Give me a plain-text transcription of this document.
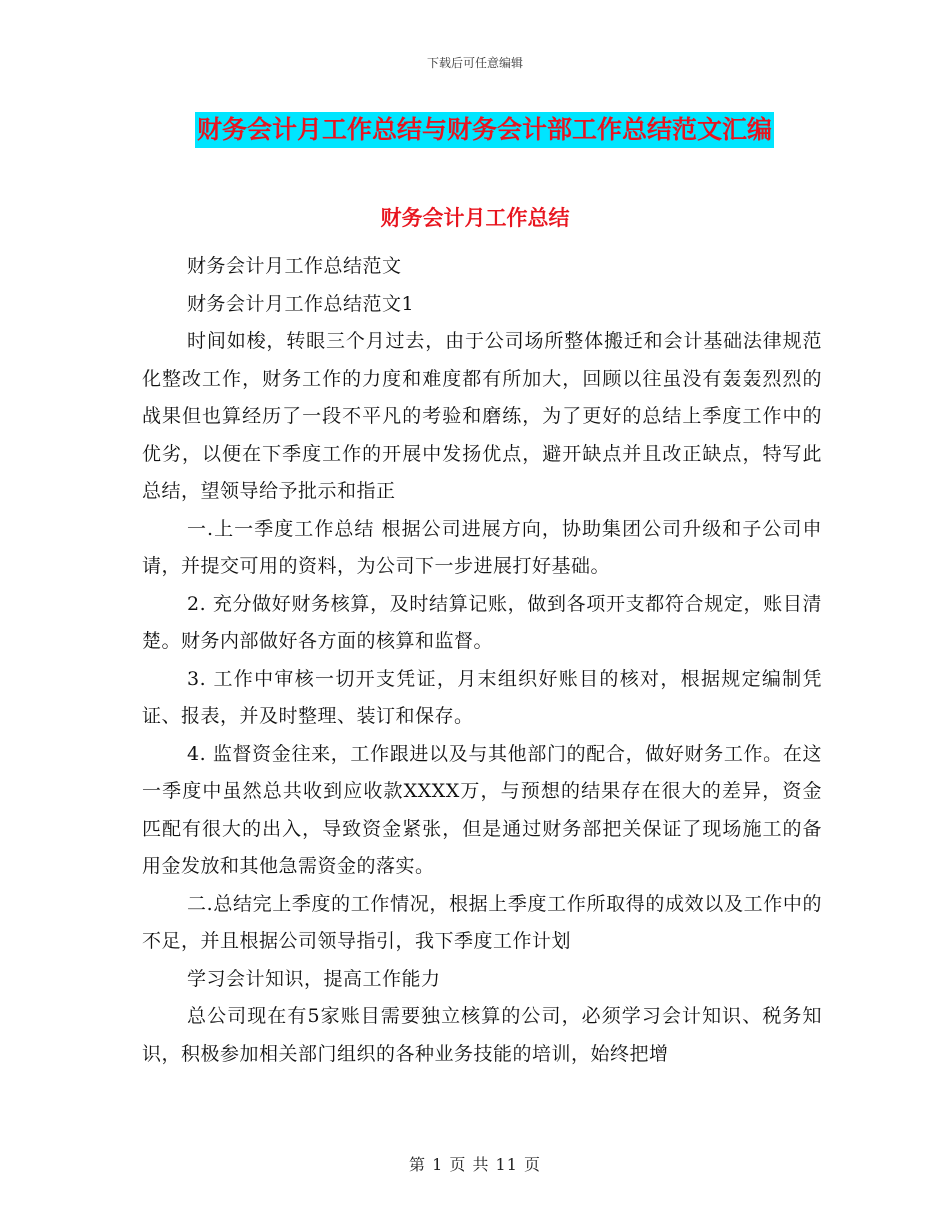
下载后可任意编辑
财务会计月工作总结与财务会计部工作总结范文汇编
财务会计月工作总结

财务会计月工作总结范文

财务会计月工作总结范文1

时间如梭，转眼三个月过去，由于公司场所整体搬迁和会计基础法律规范化整改工作，财务工作的力度和难度都有所加大，回顾以往虽没有轰轰烈烈的战果但也算经历了一段不平凡的考验和磨练，为了更好的总结上季度工作中的优劣，以便在下季度工作的开展中发扬优点，避开缺点并且改正缺点，特写此总结，望领导给予批示和指正

一.上一季度工作总结 根据公司进展方向，协助集团公司升级和子公司申请，并提交可用的资料，为公司下一步进展打好基础。

2. 充分做好财务核算，及时结算记账，做到各项开支都符合规定，账目清楚。财务内部做好各方面的核算和监督。

3. 工作中审核一切开支凭证，月末组织好账目的核对，根据规定编制凭证、报表，并及时整理、装订和保存。

4. 监督资金往来，工作跟进以及与其他部门的配合，做好财务工作。在这一季度中虽然总共收到应收款XXXX万，与预想的结果存在很大的差异，资金匹配有很大的出入，导致资金紧张，但是通过财务部把关保证了现场施工的备用金发放和其他急需资金的落实。

二.总结完上季度的工作情况，根据上季度工作所取得的成效以及工作中的不足，并且根据公司领导指引，我下季度工作计划

学习会计知识，提高工作能力

总公司现在有5家账目需要独立核算的公司，必须学习会计知识、税务知识，积极参加相关部门组织的各种业务技能的培训，始终把增

第 1 页 共 11 页
